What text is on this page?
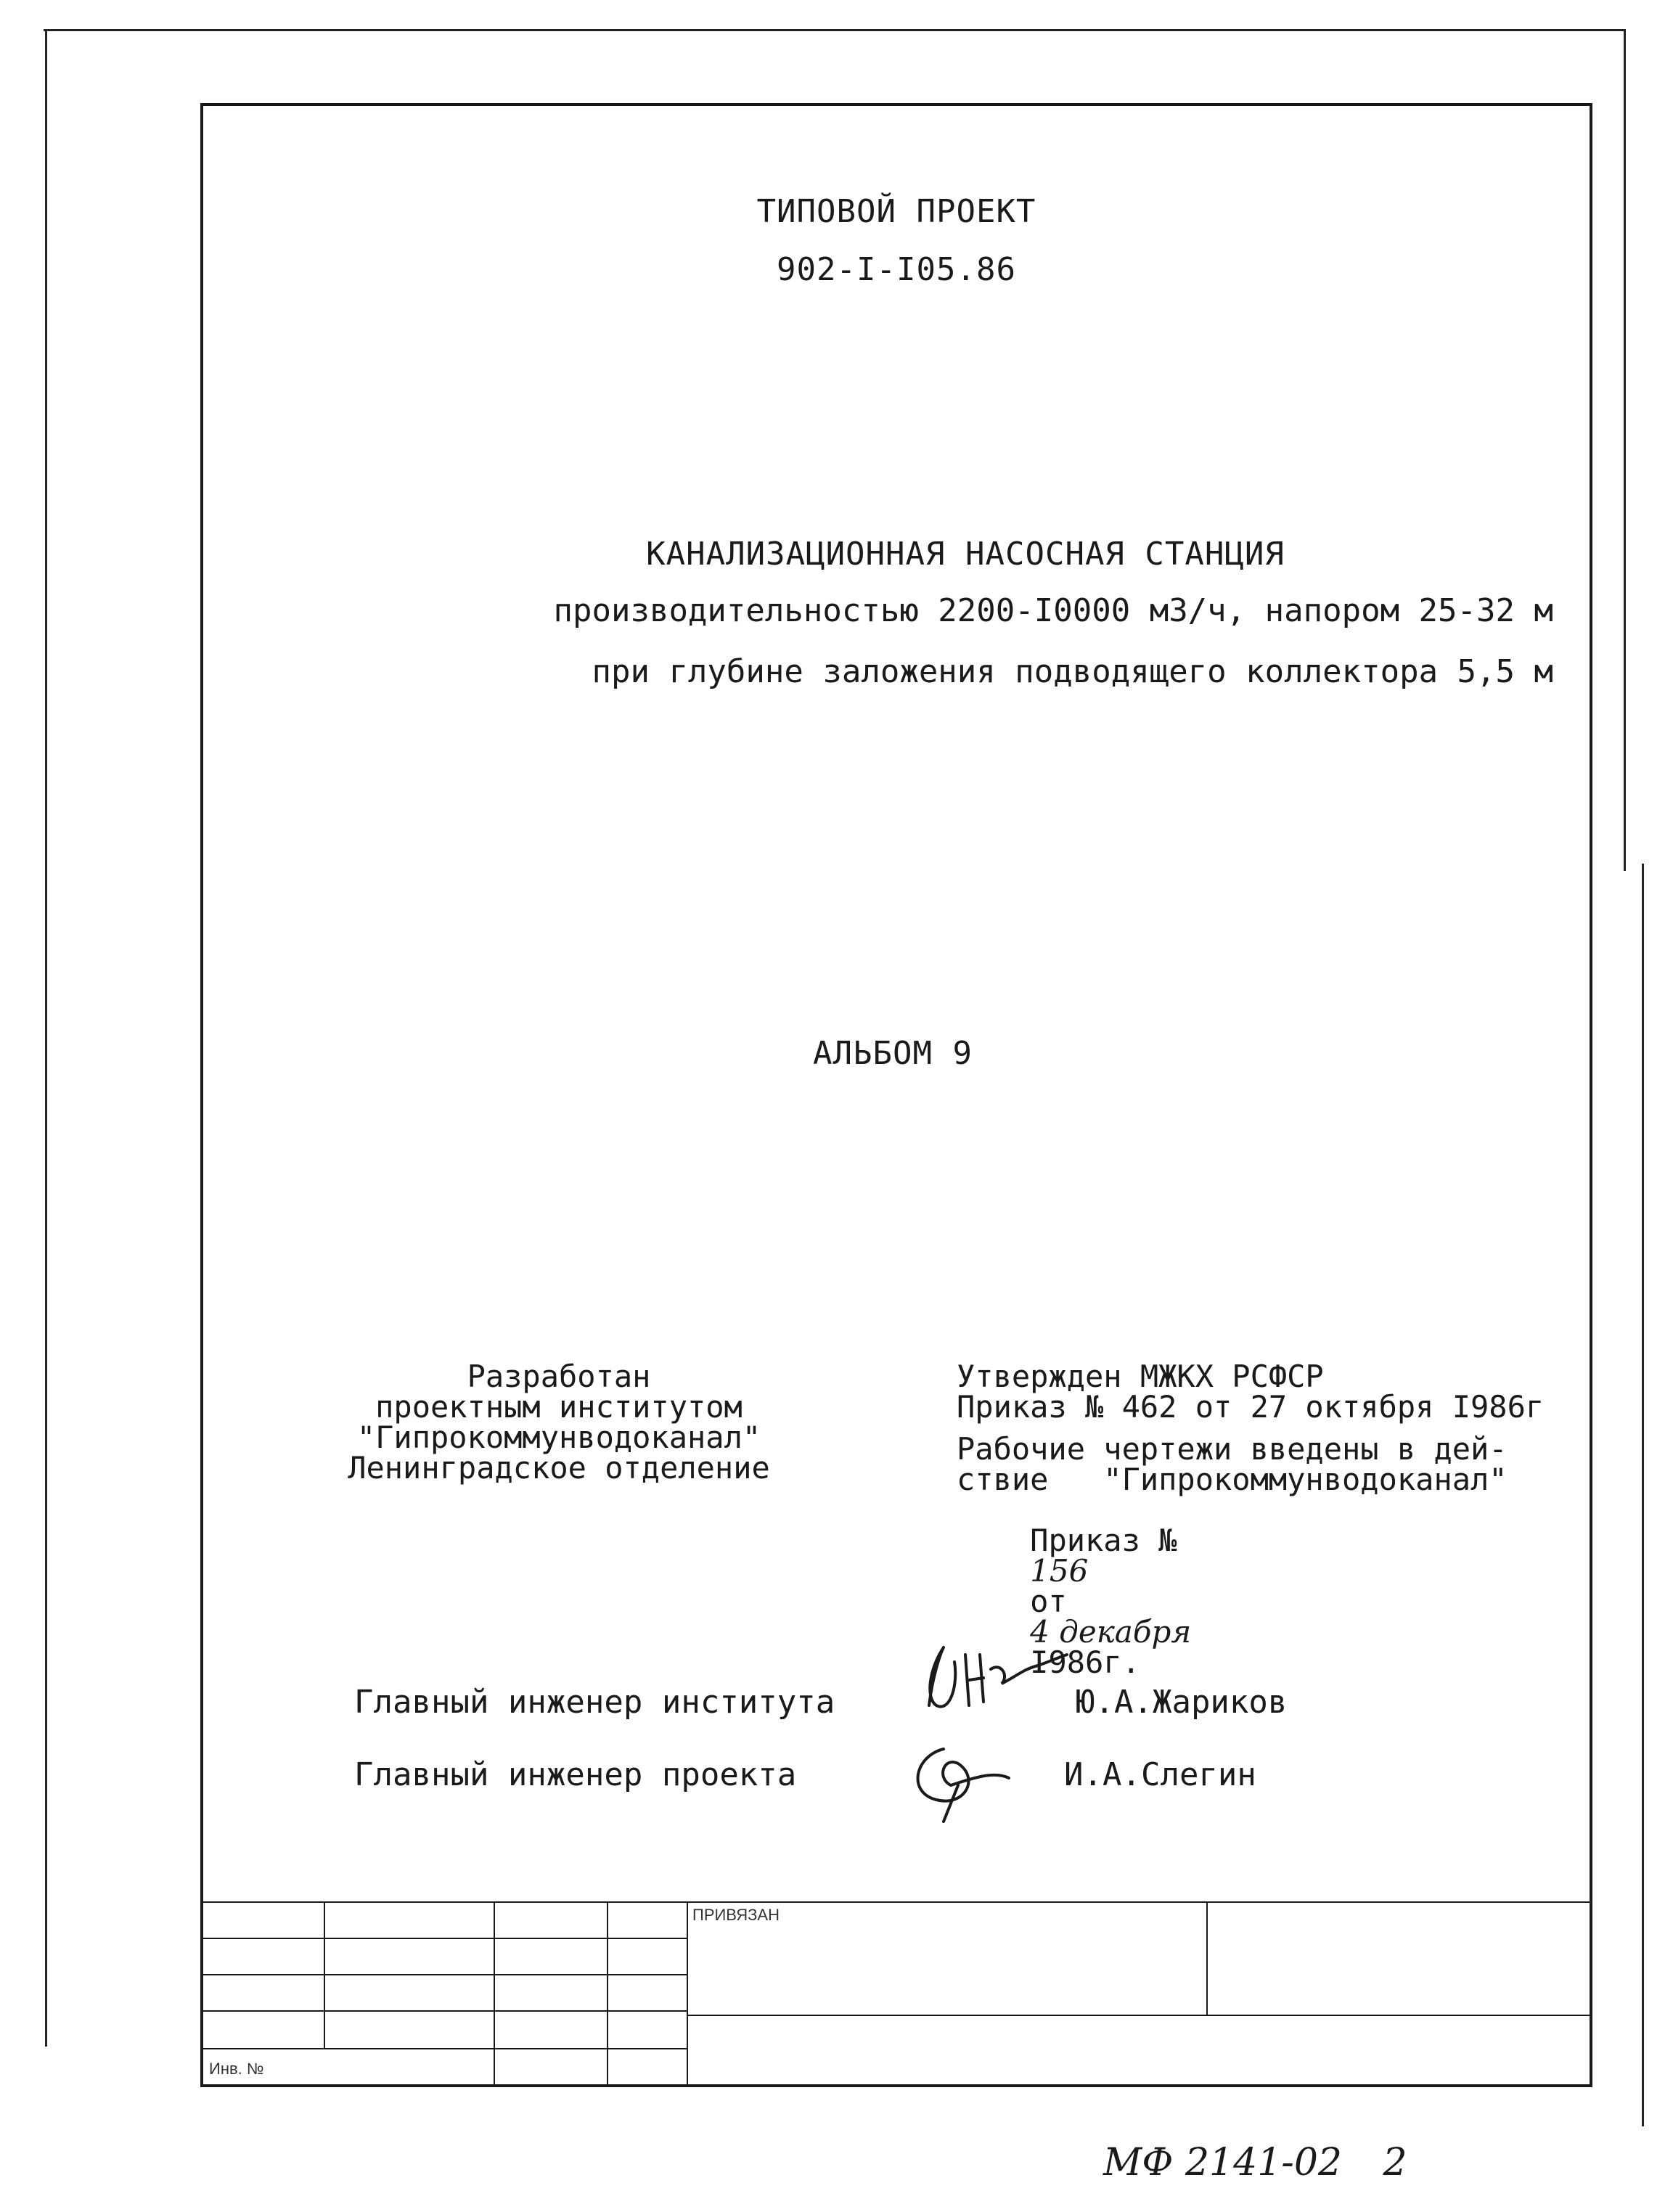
ТИПОВОЙ ПРОЕКТ
902-I-I05.86
КАНАЛИЗАЦИОННАЯ НАСОСНАЯ СТАНЦИЯ
производительностью 2200-I0000 м3/ч, напором 25-32 м
при глубине заложения подводящего коллектора 5,5 м
АЛЬБОМ 9
Разработан
проектным институтом
"Гипрокоммунводоканал"
Ленинградское отделение
Утвержден МЖКХ РСФСР
Приказ № 462 от 27 октября I986г
Рабочие чертежи введены в дей-
ствие   "Гипрокоммунводоканал"

Приказ №
156
от
4 декабря
I986г.

Главный инженер института	Ю.А.Жариков
Главный инженер проекта	И.А.Слегин
Инв. №
ПРИВЯЗАН
МФ 2141-02 2
